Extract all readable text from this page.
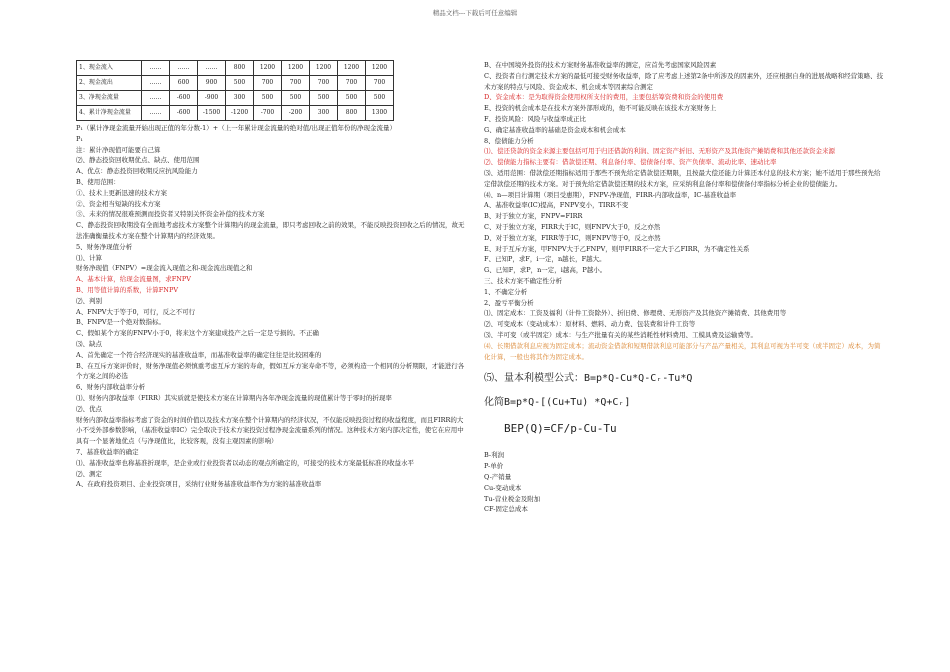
精品文档---下载后可任意编辑
1、现金流入	……	……	……	800	1200	1200	1200	1200	1200
2、现金流出	……	600	900	500	700	700	700	700	700
3、净现金流量	……	-600	-900	300	500	500	500	500	500
4、累计净现金流量	……	-600	-1500	-1200	-700	-200	300	800	1300
P₁（累计净现金流量开始出现正值的年分数-1）+（上一年累计现金流量的绝对值/出现正值年份的净现金流量）
P₁
注：累计净现值可能要自己算
⑵、静态投资回收期优点、缺点、使用范围
A、优点：静态投资回收期反应抗风险能力
B、使用范围：
①、技术上更新迅速的技术方案
②、资金相当短缺的技术方案
③、未来的情况很难预测而投资者又特别关怀资金补偿的技术方案
C、静态投资回收期没有全面地考虑技术方案整个计算期内的现金流量，即只考虑回收之前的效果，不能反映投资回收之后的情况，故无法准确衡量技术方案在整个计算期内的经济效果。
5、财务净现值分析
⑴、计算
财务净现值（FNPV）=现金流入现值之和-现金流出现值之和
A、基本计算，给现金流量图，求FNPV
B、用等值计算的系数，计算FNPV
⑵、判别
A、FNPV大于等于0，可行，反之不可行
B、FNPV是一个绝对数指标。
C、假如某个方案的FNPV小于0，将来这个方案建成投产之后一定是亏损的。不正确
⑶、缺点
A、首先确定一个符合经济现实的基准收益率，而基准收益率的确定往往是比较困难的
B、在互斥方案评价时，财务净现值必须慎重考虑互斥方案的寿命，假如互斥方案寿命不等，必须构造一个相同的分析期限，才能进行各个方案之间的必选
6、财务内部收益率分析
⑴、财务内部收益率（FIRR）其实质就是使技术方案在计算期内各年净现金流量的现值累计等于零时的折现率
⑵、优点
财务内部收益率指标考虑了资金的时间价值以及技术方案在整个计算期内的经济状况，不仅能反映投资过程的收益程度，而且FIRR的大小不受外部参数影响，（基准收益率IC）完全取决于技术方案投资过程净现金流量系列的情况。这种技术方案内部决定性，使它在应用中具有一个显著地优点（与净现值比，比较客观，没有主观因素的影响）
7、基准收益率的确定
⑴、基准收益率也称基准折现率，是企业或行业投资者以动态的观点所确定的，可接受的技术方案最低标准的收益水平
⑵、测定
A、在政府投资项目、企业投资项目，采纳行业财务基准收益率作为方案的基准收益率
B、在中国境外投资的技术方案财务基准收益率的测定，应首先考虑国家风险因素
C、投资者自行测定技术方案的最低可接受财务收益率，除了应考虑上述第2条中所涉及的因素外，还应根据自身的进展战略和经营策略、技术方案的特点与风险、资金成本、机会成本等因素综合测定
D、资金成本：是为取得资金使用权所支付的费用，主要包括筹资费和资金的使用费
E、投资的机会成本是在技术方案外部形成的，他不可能反映在该技术方案财务上
F、投资风险：风险与收益率成正比
G、确定基准收益率的基础是资金成本和机会成本
8、偿债能力分析
⑴、偿还贷款的资金来源主要包括可用于归还借款的利润、固定资产折旧、无形资产及其他资产摊销费和其他还款资金来源
⑵、偿债能力指标主要有：借款偿还期、利息备付率、偿债备付率、资产负债率、流动比率、速动比率
⑶、适用范围：借款偿还期指标适用于那些不预先给定借款偿还期限，且按最大偿还能力计算还本付息的技术方案；她不适用于那些预先给定借款偿还期的技术方案。对于预先给定借款偿还期的技术方案，应采纳利息备付率和偿债备付率指标分析企业的偿债能力。
⑷、n—项目计算期（项目受惠期），FNPV-净现值，FIRR-内部收益率，IC-基准收益率
A、基准收益率(IC)提高，FNPV变小，TIRR不变
B、对于独立方案，FNPV=FIRR
C、对于独立方案，FIRR大于IC，则FNPV大于0，反之亦然
D、对于独立方案，FIRR等于IC，则FNPV等于0，反之亦然
E、对于互斥方案，甲FNPV大于乙FNPV，则甲FIRR不一定大于乙FIRR，为不确定性关系
F、已知P，求F，i一定，n越长，F越大。
G、已知F，求P，n一定，i越高，P越小。
三、技术方案不确定性分析
1、不确定分析
2、盈亏平衡分析
⑴、固定成本：工资及福利（计件工资除外）、折旧费、修理费、无形资产及其他资产摊销费、其他费用等
⑵、可变成本（变动成本）：原材料、燃料、动力费、包装费和计件工资等
⑶、半可变（或半固定）成本：与生产批量有关的某些消耗性材料费用、工模具费及运输费等。
⑷、长期借款利息应视为固定成本；流动资金借款和短期借款利息可能部分与产品产量相关，其利息可视为半可变（或半固定）成本，为简化计算，一般也将其作为固定成本。
⑸、量本利模型公式：B=p*Q-Cu*Q-Cᵣ-Tu*Q
化简B=p*Q-[(Cu+Tu) *Q+Cᵣ]
BEP(Q)=CF/p-Cu-Tu
B-利润
P-单价
Q-产销量
Cu-变动成本
Tu-营业税金及附加
CF-固定总成本
